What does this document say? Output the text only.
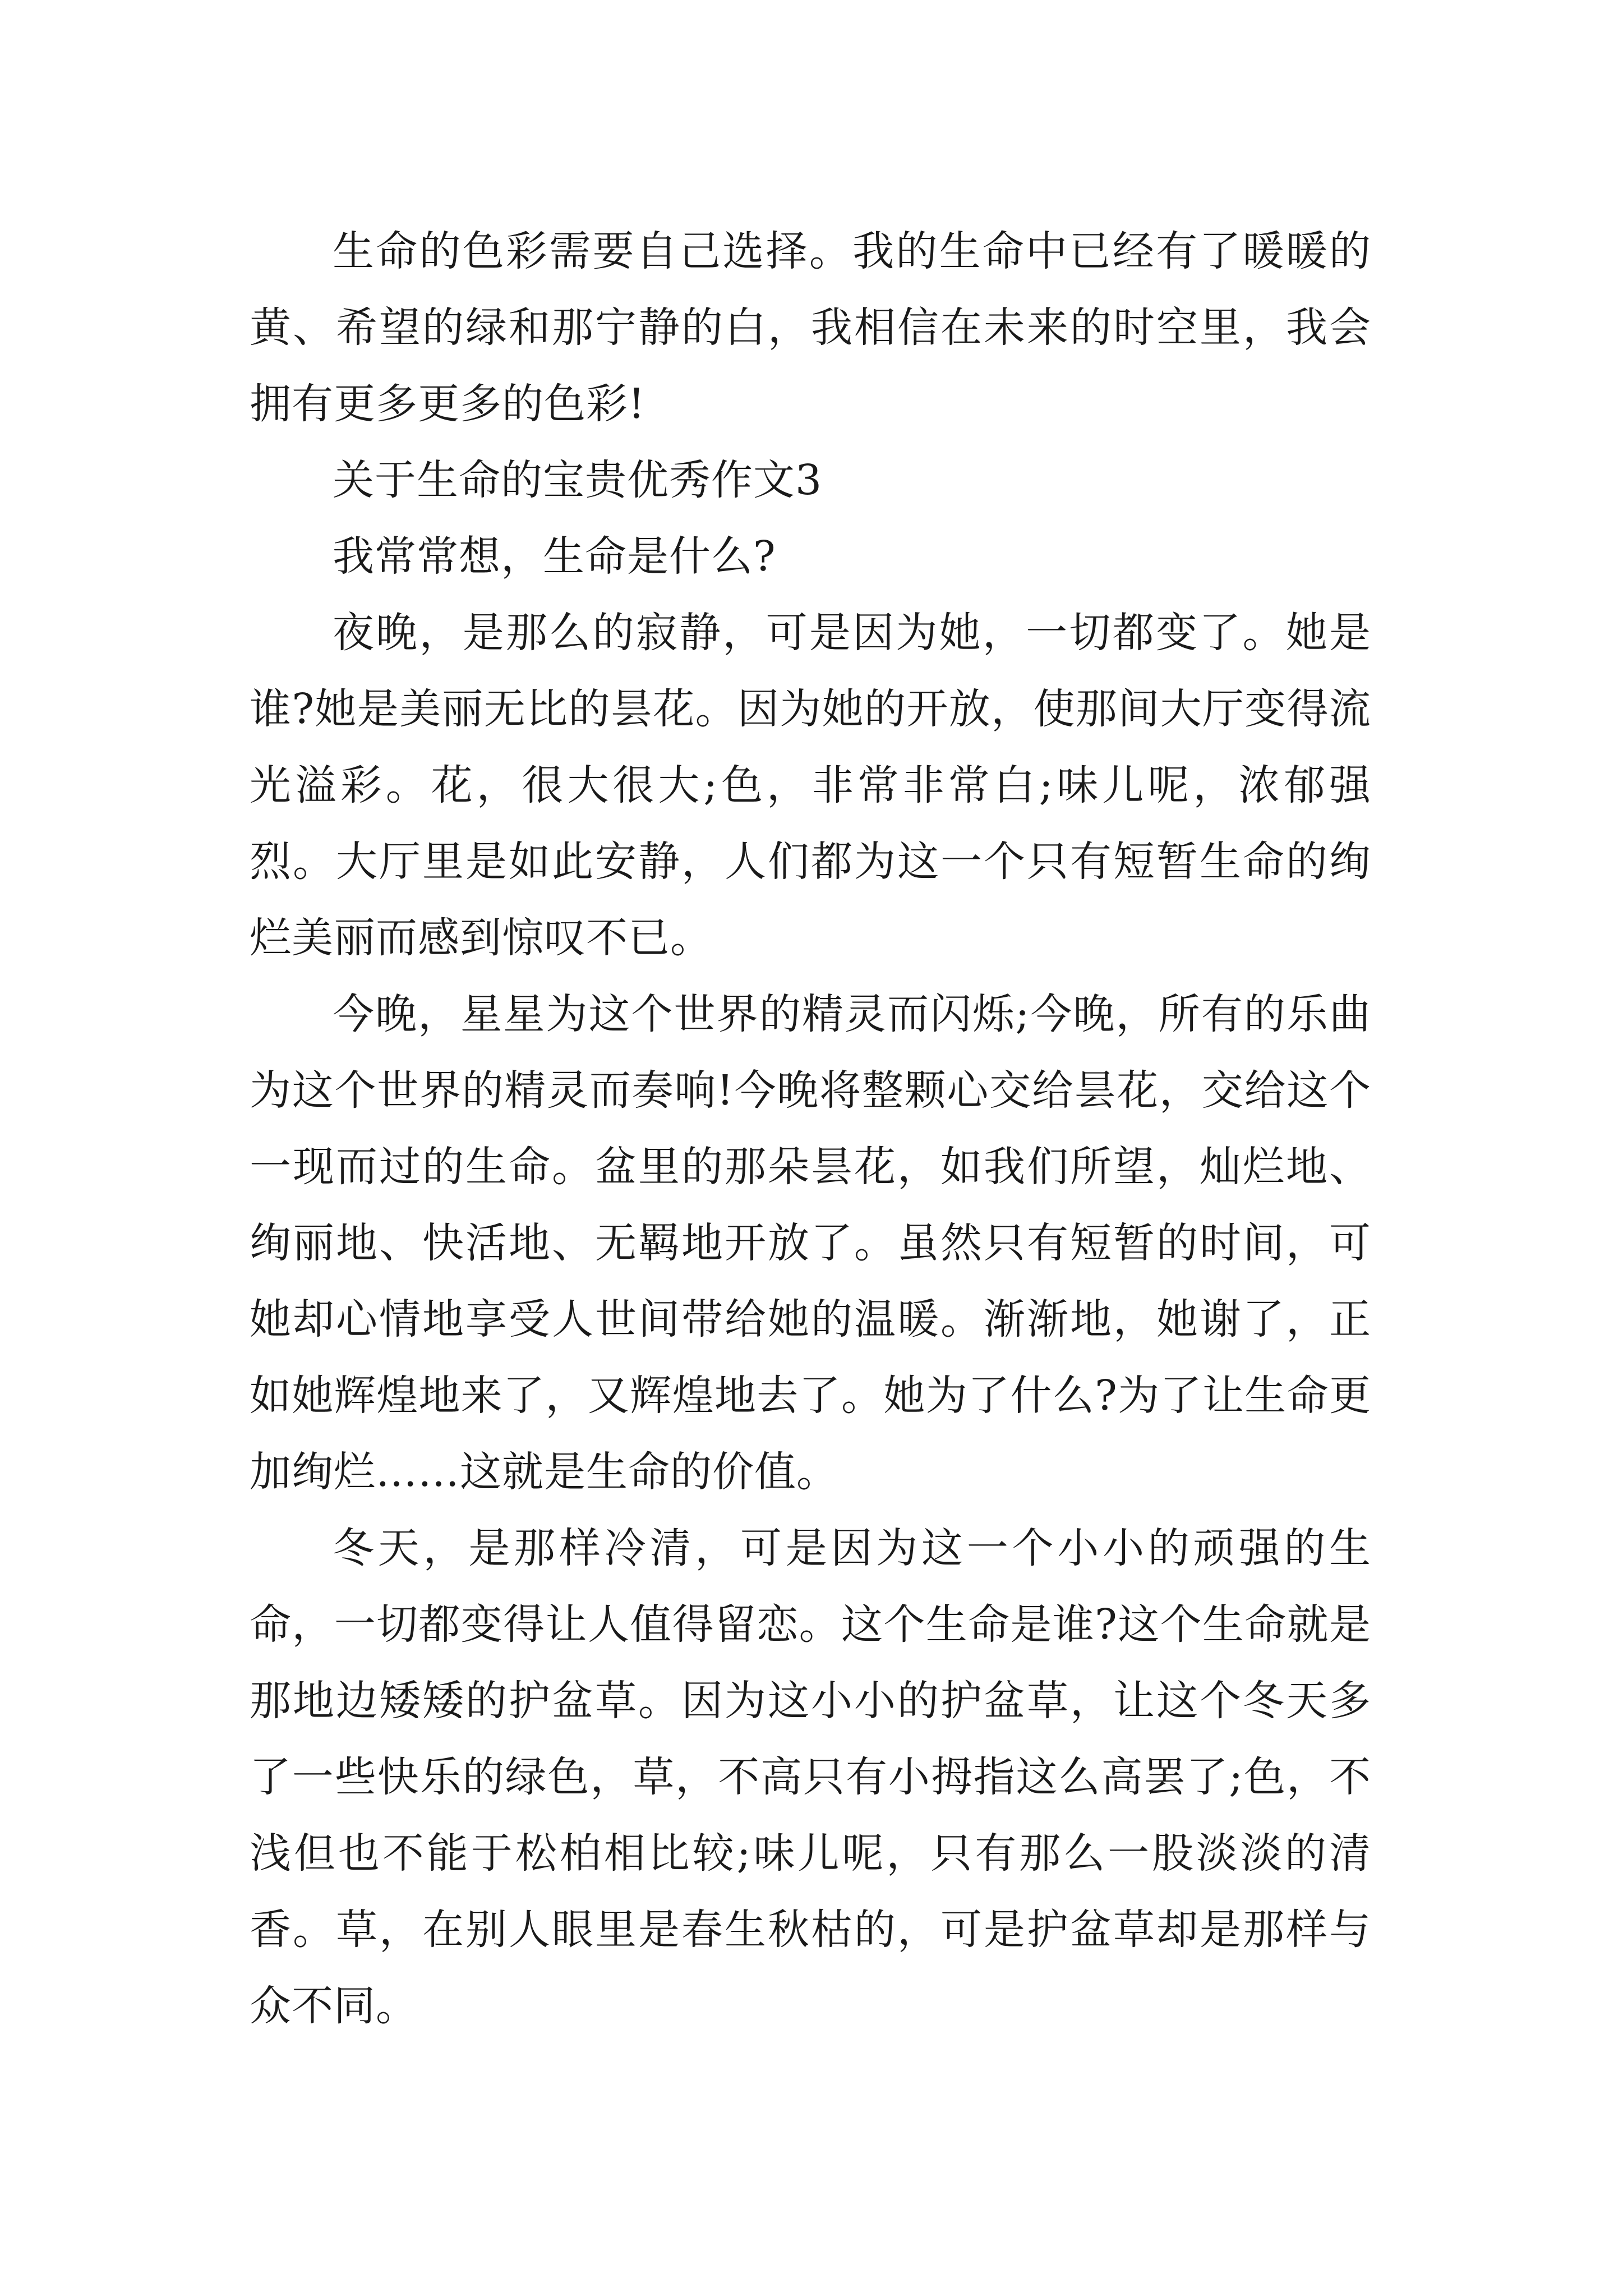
生命的色彩需要自己选择。我的生命中已经有了暖暖的黄、希望的绿和那宁静的白，我相信在未来的时空里，我会拥有更多更多的色彩!

关于生命的宝贵优秀作文3

我常常想，生命是什么?

夜晚，是那么的寂静，可是因为她，一切都变了。她是谁?她是美丽无比的昙花。因为她的开放，使那间大厅变得流光溢彩。花，很大很大;色，非常非常白;味儿呢，浓郁强烈。大厅里是如此安静，人们都为这一个只有短暂生命的绚烂美丽而感到惊叹不已。

今晚，星星为这个世界的精灵而闪烁;今晚，所有的乐曲为这个世界的精灵而奏响!今晚将整颗心交给昙花，交给这个一现而过的生命。盆里的那朵昙花，如我们所望，灿烂地、绚丽地、快活地、无羁地开放了。虽然只有短暂的时间，可她却心情地享受人世间带给她的温暖。渐渐地，她谢了，正如她辉煌地来了，又辉煌地去了。她为了什么?为了让生命更加绚烂……这就是生命的价值。

冬天，是那样冷清，可是因为这一个小小的顽强的生命，一切都变得让人值得留恋。这个生命是谁?这个生命就是那地边矮矮的护盆草。因为这小小的护盆草，让这个冬天多了一些快乐的绿色，草，不高只有小拇指这么高罢了;色，不浅但也不能于松柏相比较;味儿呢，只有那么一股淡淡的清香。草，在别人眼里是春生秋枯的，可是护盆草却是那样与众不同。
